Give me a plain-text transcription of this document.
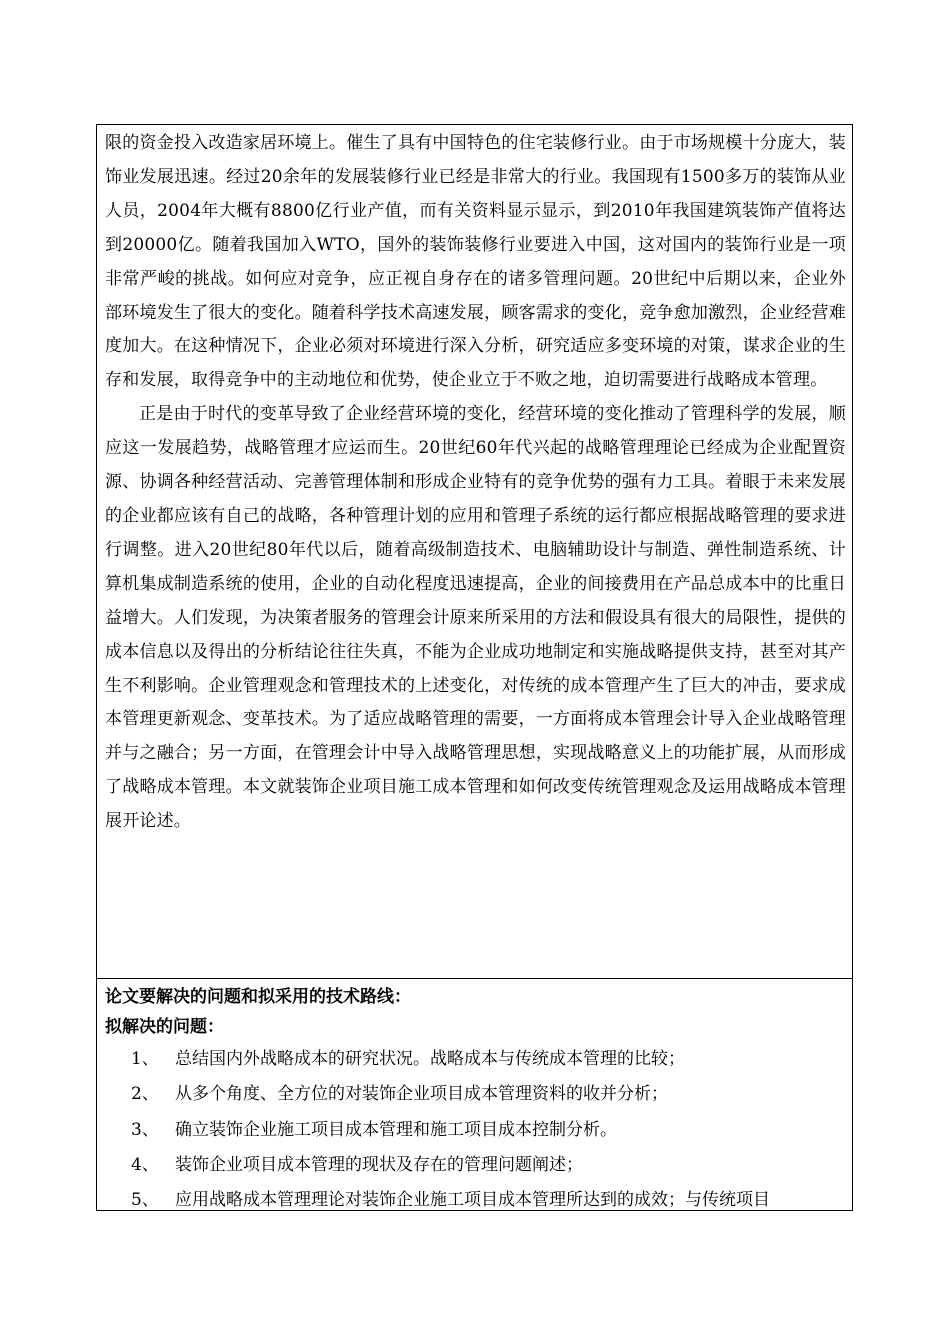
限的资金投入改造家居环境上。催生了具有中国特色的住宅装修行业。由于市场规模十分庞大，装饰业发展迅速。经过20余年的发展装修行业已经是非常大的行业。我国现有1500多万的装饰从业人员，2004年大概有8800亿行业产值，而有关资料显示显示，到2010年我国建筑装饰产值将达到20000亿。随着我国加入WTO，国外的装饰装修行业要进入中国，这对国内的装饰行业是一项非常严峻的挑战。如何应对竞争，应正视自身存在的诸多管理问题。20世纪中后期以来，企业外部环境发生了很大的变化。随着科学技术高速发展，顾客需求的变化，竞争愈加激烈，企业经营难度加大。在这种情况下，企业必须对环境进行深入分析，研究适应多变环境的对策，谋求企业的生存和发展，取得竞争中的主动地位和优势，使企业立于不败之地，迫切需要进行战略成本管理。

正是由于时代的变革导致了企业经营环境的变化，经营环境的变化推动了管理科学的发展，顺应这一发展趋势，战略管理才应运而生。20世纪60年代兴起的战略管理理论已经成为企业配置资源、协调各种经营活动、完善管理体制和形成企业特有的竞争优势的强有力工具。着眼于未来发展的企业都应该有自己的战略，各种管理计划的应用和管理子系统的运行都应根据战略管理的要求进行调整。进入20世纪80年代以后，随着高级制造技术、电脑辅助设计与制造、弹性制造系统、计算机集成制造系统的使用，企业的自动化程度迅速提高，企业的间接费用在产品总成本中的比重日益增大。人们发现，为决策者服务的管理会计原来所采用的方法和假设具有很大的局限性，提供的成本信息以及得出的分析结论往往失真，不能为企业成功地制定和实施战略提供支持，甚至对其产生不利影响。企业管理观念和管理技术的上述变化，对传统的成本管理产生了巨大的冲击，要求成本管理更新观念、变革技术。为了适应战略管理的需要，一方面将成本管理会计导入企业战略管理并与之融合；另一方面，在管理会计中导入战略管理思想，实现战略意义上的功能扩展，从而形成了战略成本管理。本文就装饰企业项目施工成本管理和如何改变传统管理观念及运用战略成本管理展开论述。

论文要解决的问题和拟采用的技术路线：

拟解决的问题：

1、 总结国内外战略成本的研究状况。战略成本与传统成本管理的比较；
2、 从多个角度、全方位的对装饰企业项目成本管理资料的收并分析；
3、 确立装饰企业施工项目成本管理和施工项目成本控制分析。
4、 装饰企业项目成本管理的现状及存在的管理问题阐述；
5、 应用战略成本管理理论对装饰企业施工项目成本管理所达到的成效；与传统项目
